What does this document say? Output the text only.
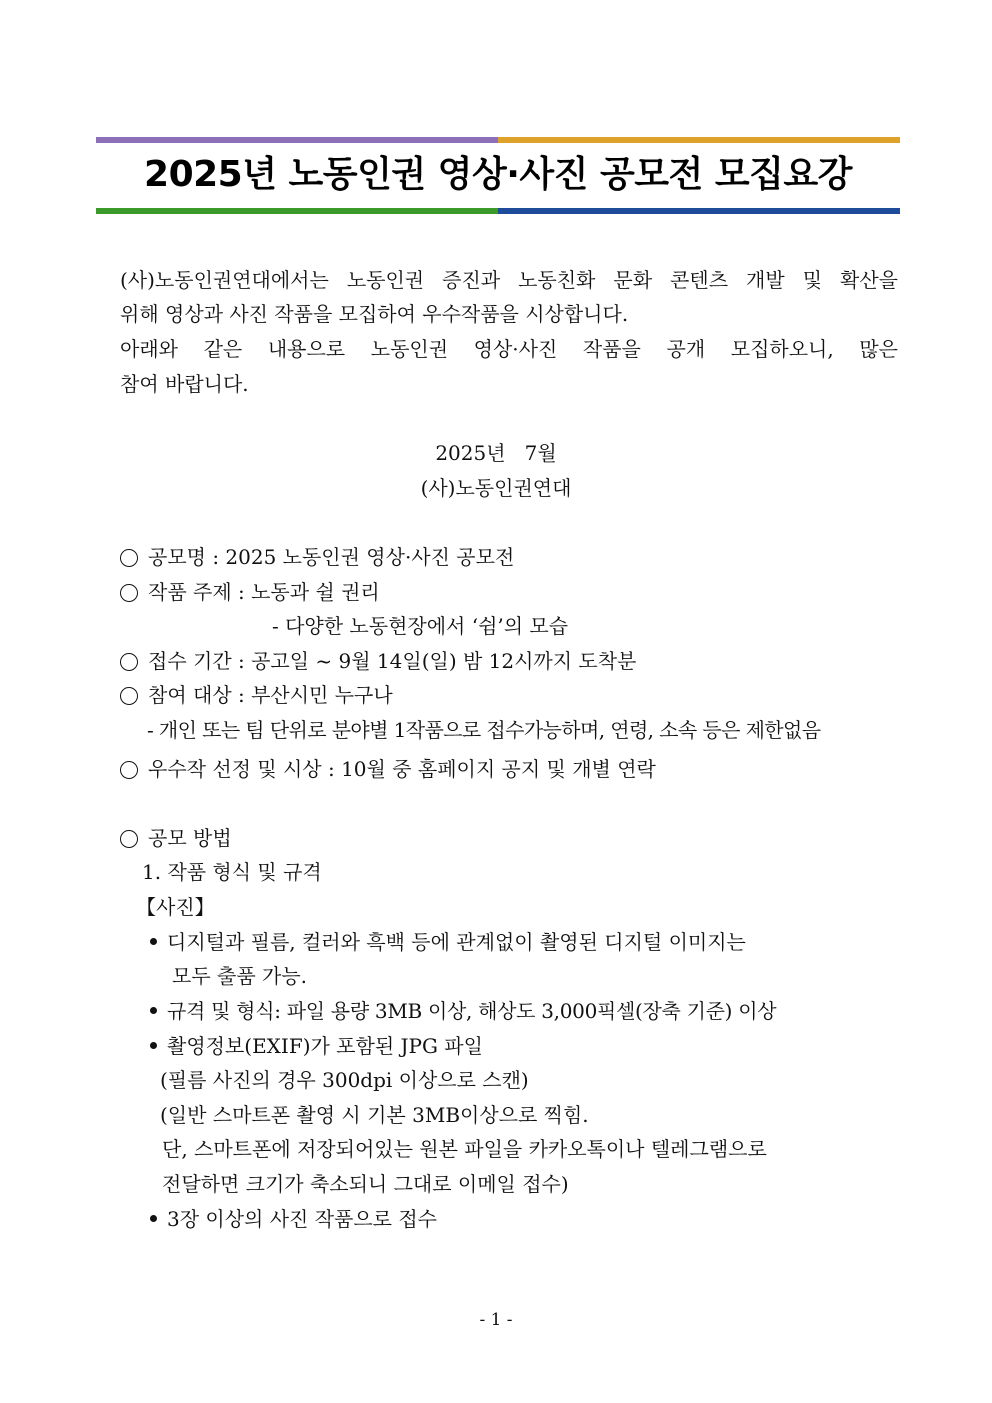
2025년 노동인권 영상·사진 공모전 모집요강
(사)노동인권연대에서는 노동인권 증진과 노동친화 문화 콘텐츠 개발 및 확산을
위해 영상과 사진 작품을 모집하여 우수작품을 시상합니다.
아래와 같은 내용으로 노동인권 영상·사진 작품을 공개 모집하오니, 많은
참여 바랍니다.
2025년   7월
(사)노동인권연대
공모명 : 2025 노동인권 영상·사진 공모전
작품 주제 : 노동과 쉴 권리
- 다양한 노동현장에서 ‘쉼’의 모습
접수 기간 : 공고일 ~ 9월 14일(일) 밤 12시까지 도착분
참여 대상 : 부산시민 누구나
- 개인 또는 팀 단위로 분야별 1작품으로 접수가능하며, 연령, 소속 등은 제한없음
우수작 선정 및 시상 : 10월 중 홈페이지 공지 및 개별 연락
공모 방법
1. 작품 형식 및 규격
【사진】
디지털과 필름, 컬러와 흑백 등에 관계없이 촬영된 디지털 이미지는
모두 출품 가능.
규격 및 형식: 파일 용량 3MB 이상, 해상도 3,000픽셀(장축 기준) 이상
촬영정보(EXIF)가 포함된 JPG 파일
(필름 사진의 경우 300dpi 이상으로 스캔)
(일반 스마트폰 촬영 시 기본 3MB이상으로 찍힘.
단, 스마트폰에 저장되어있는 원본 파일을 카카오톡이나 텔레그램으로
전달하면 크기가 축소되니 그대로 이메일 접수)
3장 이상의 사진 작품으로 접수
- 1 -
